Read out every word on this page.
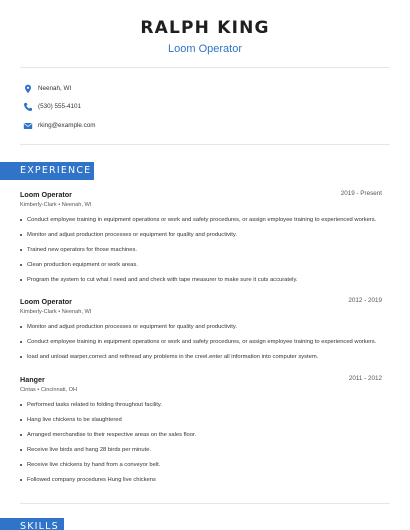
RALPH KING
Loom Operator
Neenah, WI
(530) 555-4101
rking@example.com
EXPERIENCE
Loom Operator	2019 - Present
Kimberly-Clark • Neenah, WI
Conduct employee training in equipment operations or work and safety procedures, or assign employee training to experienced workers.
Monitor and adjust production processes or equipment for quality and productivity.
Trained new operators for those machines.
Clean production equipment or work areas.
Program the system to cut what I need and and check with tape measurer to make sure it cuts accurately.
Loom Operator	2012 - 2019
Kimberly-Clark • Neenah, WI
Monitor and adjust production processes or equipment for quality and productivity.
Conduct employee training in equipment operations or work and safety procedures, or assign employee training to experienced workers.
load and unload warper,correct and rethread any problems in the creel.enter all information into computer system.
Hanger	2011 - 2012
Cintas • Cincinnati, OH
Performed tasks related to folding throughout facility.
Hang live chickens to be slaughtered
Arranged merchandise to their respective areas on the sales floor.
Receive live birds and hang 28 birds per minute.
Receive live chickens by hand from a conveyor belt.
Followed company procedures Hung live chickens
SKILLS
